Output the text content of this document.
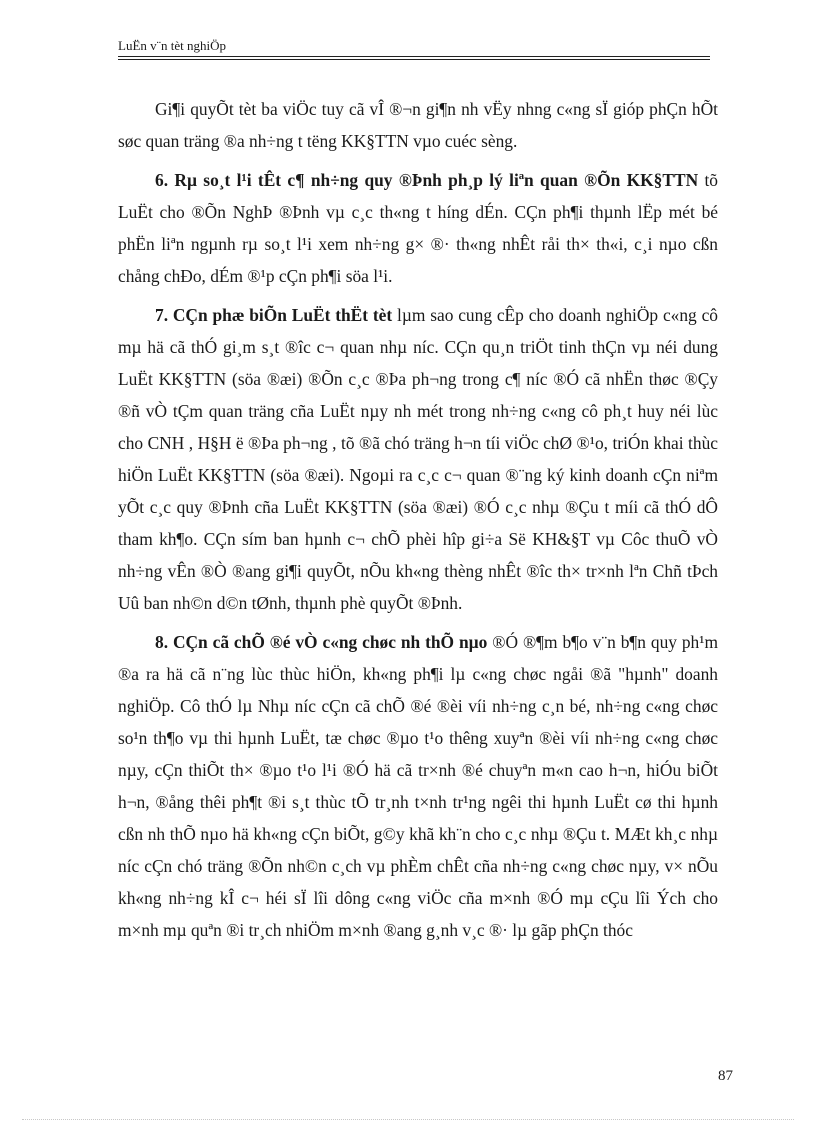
LuËn v¨n tèt nghiÖp

Gi¶i quyÕt tèt ba viÖc tuy cã vÎ ®¬n gi¶n nh vËy nhng c«ng sÏ gióp phÇn hÕt søc quan träng ®a nh÷ng t tëng KK§TTN vµo cuéc sèng.

6. Rµ so¸t l¹i tÊt c¶ nh÷ng quy ®Þnh ph¸p lý liªn quan ®Õn KK§TTN tõ LuËt cho ®Õn NghÞ ®Þnh vµ c¸c th«ng t híng dÉn. CÇn ph¶i thµnh lËp mét bé phËn liªn ngµnh rµ so¸t l¹i xem nh÷ng g× ®· th«ng nhÊt råi th× th«i, c¸i nµo cßn chång chÐo, dÉm ®¹p cÇn ph¶i söa l¹i.

7. CÇn phæ biÕn LuËt thËt tèt lµm sao cung cÊp cho doanh nghiÖp c«ng cô mµ hä cã thÓ gi¸m s¸t ®îc c¬ quan nhµ níc. CÇn qu¸n triÖt tinh thÇn vµ néi dung LuËt KK§TTN (söa ®æi) ®Õn c¸c ®Þa ph¬ng trong c¶ níc ®Ó cã nhËn thøc ®Çy ®ñ vÒ tÇm quan träng cña LuËt nµy nh mét trong nh÷ng c«ng cô ph¸t huy néi lùc cho CNH , H§H ë ®Þa ph¬ng , tõ ®ã chó träng h¬n tíi viÖc chØ ®¹o, triÓn khai thùc hiÖn LuËt KK§TTN (söa ®æi). Ngoµi ra c¸c c¬ quan ®¨ng ký kinh doanh cÇn niªm yÕt c¸c quy ®Þnh cña LuËt KK§TTN (söa ®æi) ®Ó c¸c nhµ ®Çu t míi cã thÓ dÔ tham kh¶o. CÇn sím ban hµnh c¬ chÕ phèi hîp gi÷a Së KH&§T vµ Côc thuÕ vÒ nh÷ng vÊn ®Ò ®ang gi¶i quyÕt, nÕu kh«ng thèng nhÊt ®îc th× tr×nh lªn Chñ tÞch Uû ban nh©n d©n tØnh, thµnh phè quyÕt ®Þnh.

8. CÇn cã chÕ ®é vÒ c«ng chøc nh thÕ nµo ®Ó ®¶m b¶o v¨n b¶n quy ph¹m ®a ra hä cã n¨ng lùc thùc hiÖn, kh«ng ph¶i lµ c«ng chøc ngåi ®ã "hµnh" doanh nghiÖp. Cô thÓ lµ Nhµ níc cÇn cã chÕ ®é ®èi víi nh÷ng c¸n bé, nh÷ng c«ng chøc so¹n th¶o vµ thi hµnh LuËt, tæ chøc ®µo t¹o thêng xuyªn ®èi víi nh÷ng c«ng chøc nµy, cÇn thiÕt th× ®µo t¹o l¹i ®Ó hä cã tr×nh ®é chuyªn m«n cao h¬n, hiÓu biÕt h¬n, ®ång thêi ph¶t ®i s¸t thùc tÕ tr¸nh t×nh tr¹ng ngêi thi hµnh LuËt cø thi hµnh cßn nh thÕ nµo hä kh«ng cÇn biÕt, g©y khã kh¨n cho c¸c nhµ ®Çu t. MÆt kh¸c nhµ níc cÇn chó träng ®Õn nh©n c¸ch vµ phÈm chÊt cña nh÷ng c«ng chøc nµy, v× nÕu kh«ng nh÷ng kÎ c¬ héi sÏ lîi dông c«ng viÖc cña m×nh ®Ó mµ cÇu lîi Ých cho m×nh mµ quªn ®i tr¸ch nhiÖm m×nh ®ang g¸nh v¸c ®· lµ gãp phÇn thóc

87
